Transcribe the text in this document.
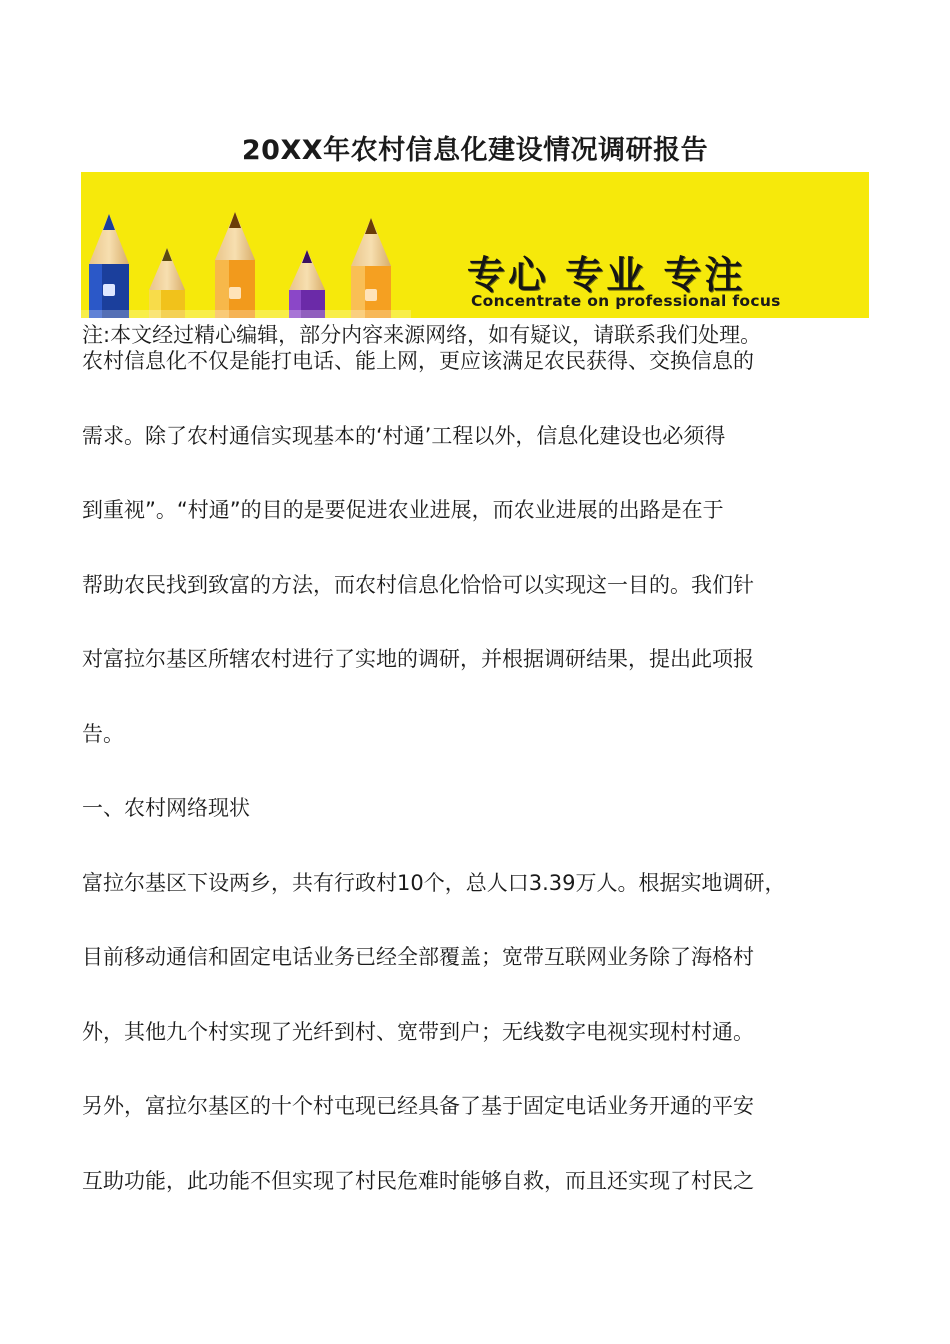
20XX年农村信息化建设情况调研报告
专心 专业 专注
Concentrate on professional focus
注:本文经过精心编辑，部分内容来源网络，如有疑议，请联系我们处理。
农村信息化不仅是能打电话、能上网，更应该满足农民获得、交换信息的
需求。除了农村通信实现基本的‘村通’工程以外，信息化建设也必须得
到重视”。“村通”的目的是要促进农业进展，而农业进展的出路是在于
帮助农民找到致富的方法，而农村信息化恰恰可以实现这一目的。我们针
对富拉尔基区所辖农村进行了实地的调研，并根据调研结果，提出此项报
告。
一、农村网络现状
富拉尔基区下设两乡，共有行政村10个，总人口3.39万人。根据实地调研，
目前移动通信和固定电话业务已经全部覆盖；宽带互联网业务除了海格村
外，其他九个村实现了光纤到村、宽带到户；无线数字电视实现村村通。
另外，富拉尔基区的十个村屯现已经具备了基于固定电话业务开通的平安
互助功能，此功能不但实现了村民危难时能够自救，而且还实现了村民之
